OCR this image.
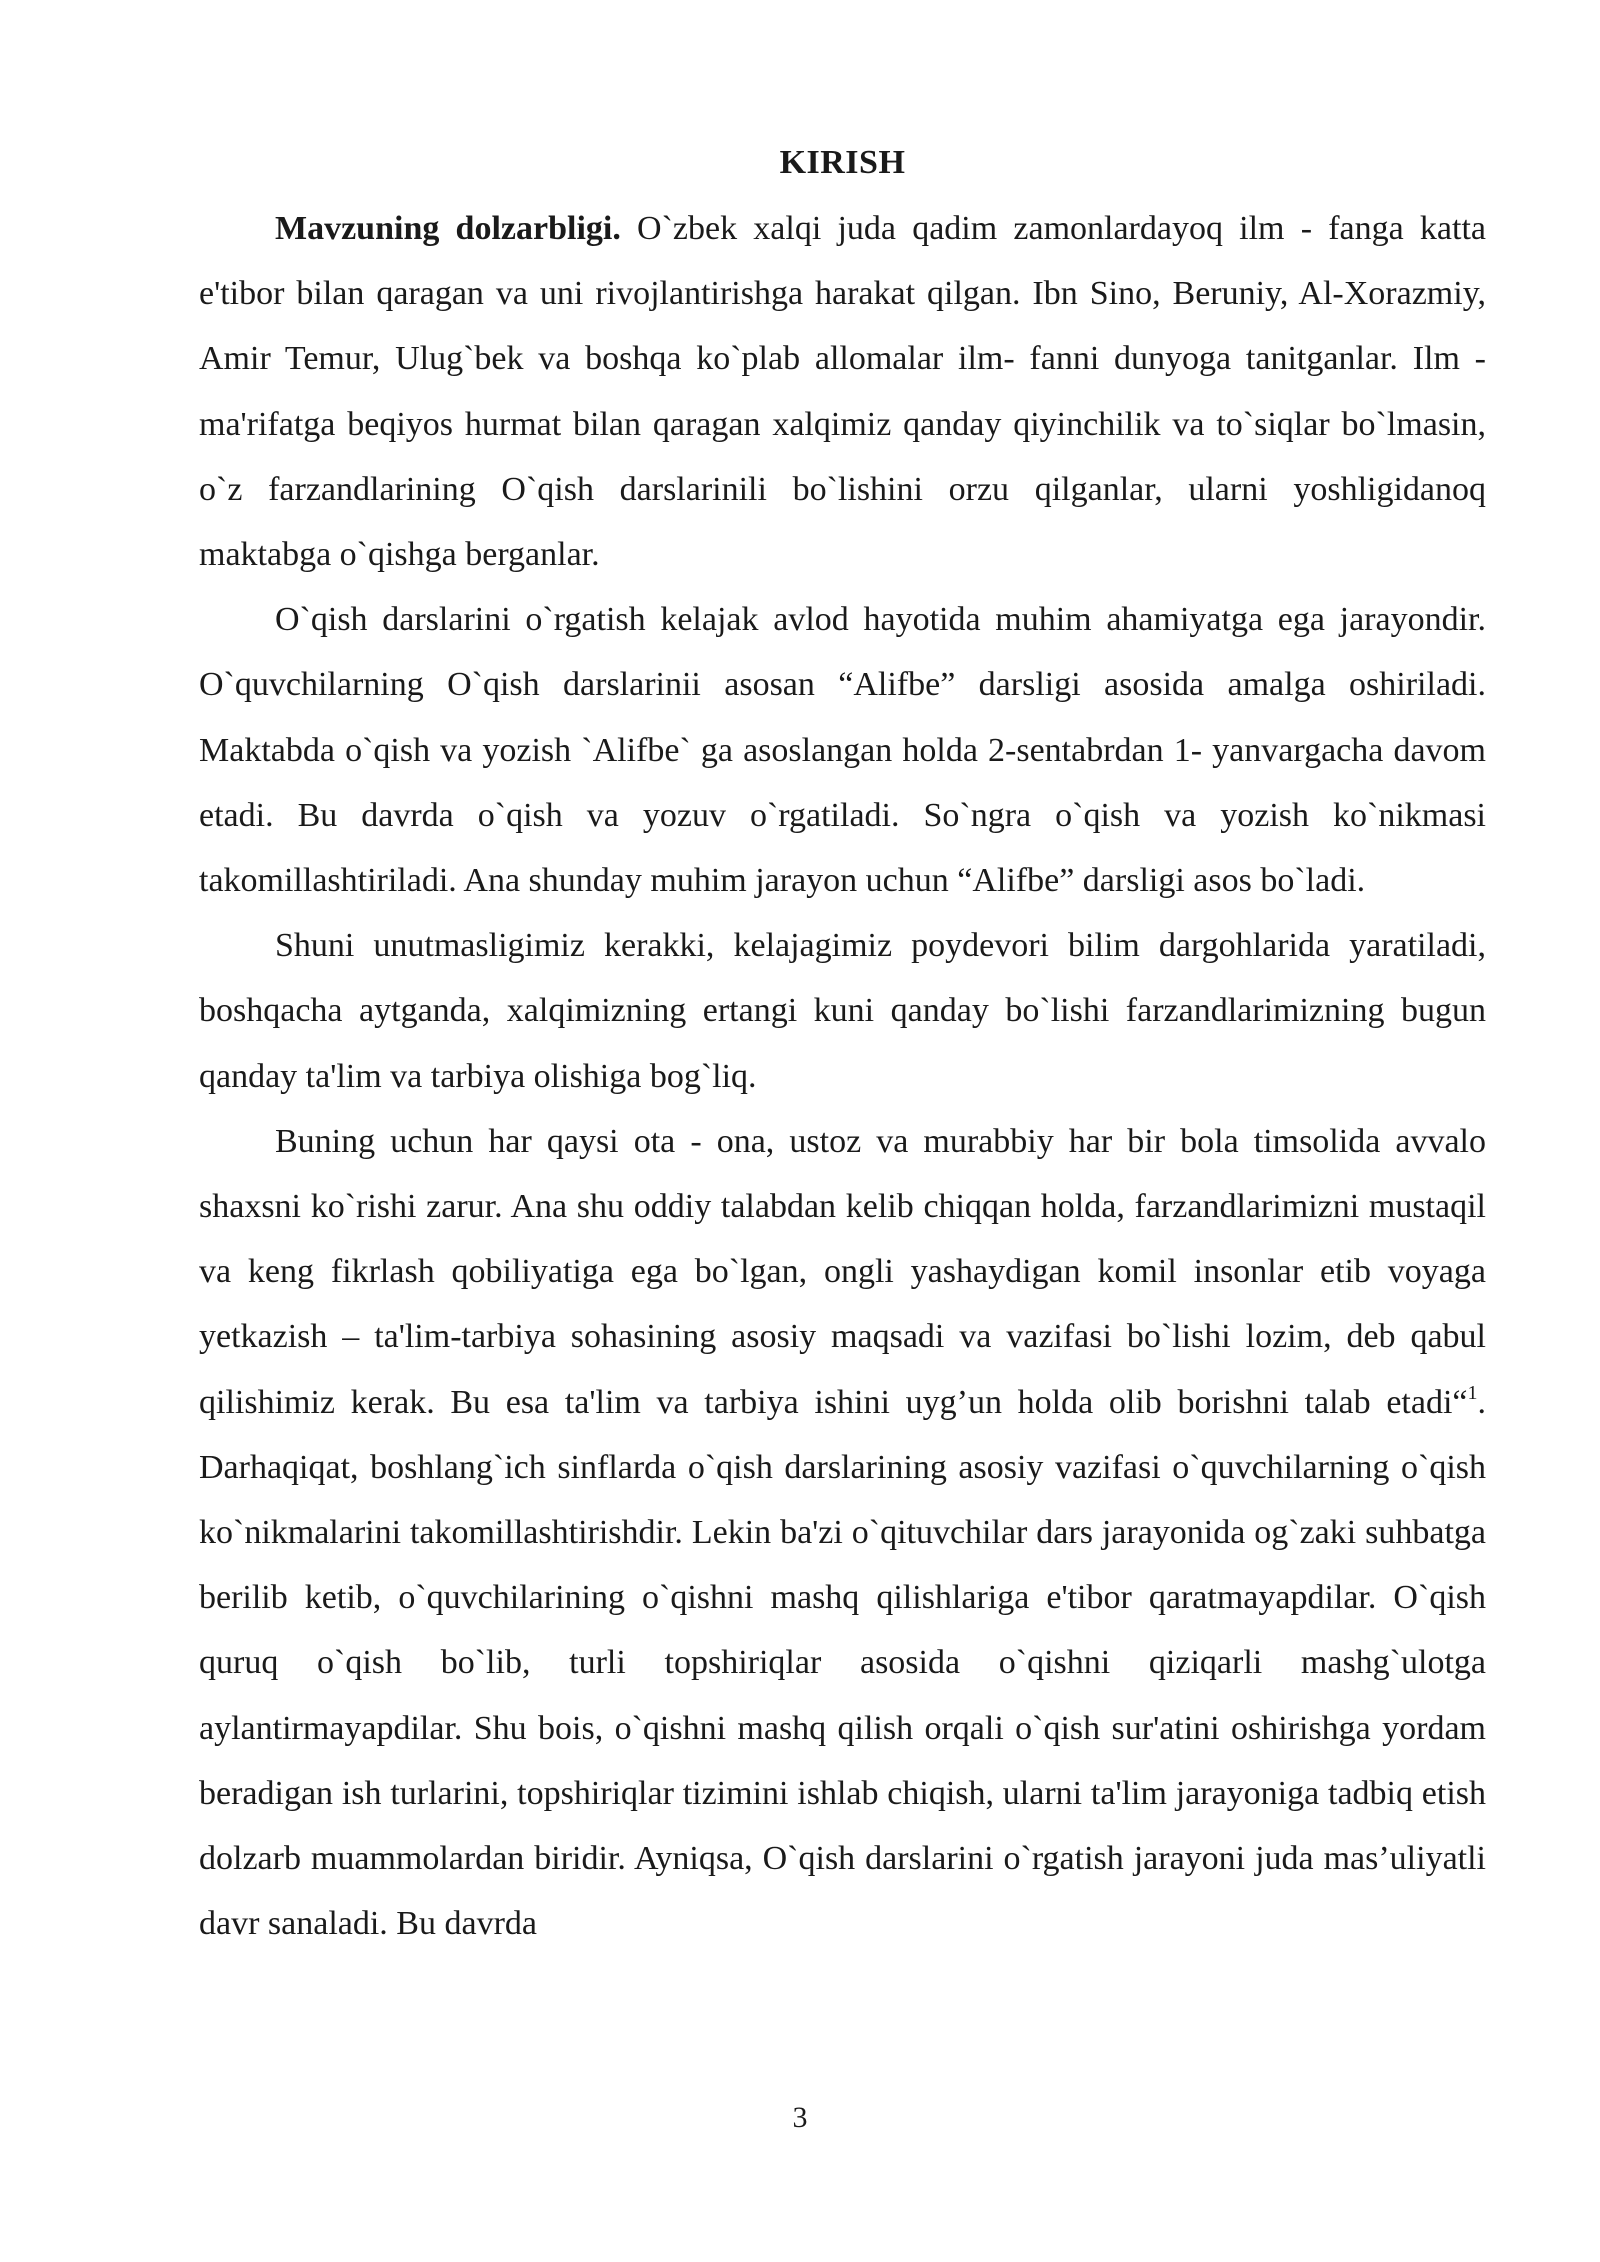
KIRISH

Mavzuning dolzarbligi. O`zbek xalqi juda qadim zamonlardayoq ilm - fanga katta e'tibor bilan qaragan va uni rivojlantirishga harakat qilgan. Ibn Sino, Beruniy, Al-Xorazmiy, Amir Temur, Ulug`bek va boshqa ko`plab allomalar ilm- fanni dunyoga tanitganlar. Ilm - ma'rifatga beqiyos hurmat bilan qaragan xalqimiz qanday qiyinchilik va to`siqlar bo`lmasin, o`z farzandlarining O`qish darslarinili bo`lishini orzu qilganlar, ularni yoshligidanoq maktabga o`qishga berganlar.

O`qish darslarini o`rgatish kelajak avlod hayotida muhim ahamiyatga ega jarayondir. O`quvchilarning O`qish darslarinii asosan “Alifbe” darsligi asosida amalga oshiriladi. Maktabda o`qish va yozish `Alifbe` ga asoslangan holda 2-sentabrdan 1- yanvargacha davom etadi. Bu davrda o`qish va yozuv o`rgatiladi. So`ngra o`qish va yozish ko`nikmasi takomillashtiriladi. Ana shunday muhim jarayon uchun “Alifbe” darsligi asos bo`ladi.

Shuni unutmasligimiz kerakki, kelajagimiz poydevori bilim dargohlarida yaratiladi, boshqacha aytganda, xalqimizning ertangi kuni qanday bo`lishi farzandlarimizning bugun qanday ta'lim va tarbiya olishiga bog`liq.

Buning uchun har qaysi ota - ona, ustoz va murabbiy har bir bola timsolida avvalo shaxsni ko`rishi zarur. Ana shu oddiy talabdan kelib chiqqan holda, farzandlarimizni mustaqil va keng fikrlash qobiliyatiga ega bo`lgan, ongli yashaydigan komil insonlar etib voyaga yetkazish – ta'lim-tarbiya sohasining asosiy maqsadi va vazifasi bo`lishi lozim, deb qabul qilishimiz kerak. Bu esa ta'lim va tarbiya ishini uyg’un holda olib borishni talab etadi“$^1$. Darhaqiqat, boshlang`ich sinflarda o`qish darslarining asosiy vazifasi o`quvchilarning o`qish ko`nikmalarini takomillashtirishdir. Lekin ba'zi o`qituvchilar dars jarayonida og`zaki suhbatga berilib ketib, o`quvchilarining o`qishni mashq qilishlariga e'tibor qaratmayapdilar. O`qish quruq o`qish bo`lib, turli topshiriqlar asosida o`qishni qiziqarli mashg`ulotga aylantirmayapdilar. Shu bois, o`qishni mashq qilish orqali o`qish sur'atini oshirishga yordam beradigan ish turlarini, topshiriqlar tizimini ishlab chiqish, ularni ta'lim jarayoniga tadbiq etish dolzarb muammolardan biridir. Ayniqsa, O`qish darslarini o`rgatish jarayoni juda mas’uliyatli davr sanaladi. Bu davrda

3
